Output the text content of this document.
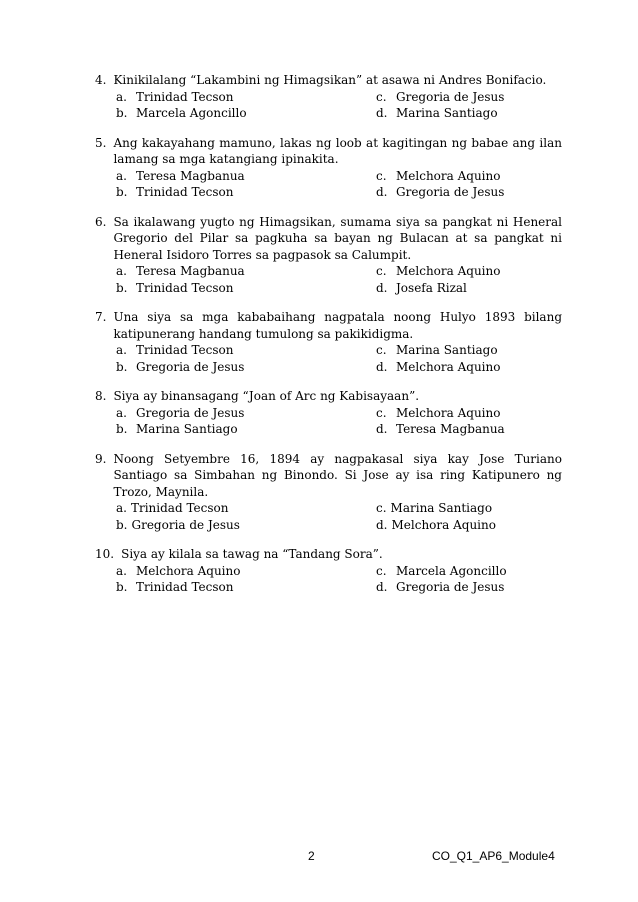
4. Kinikilalang “Lakambini ng Himagsikan” at asawa ni Andres Bonifacio.
a. Trinidad Tecson	c. Gregoria de Jesus
b. Marcela Agoncillo	d. Marina Santiago
5. Ang kakayahang mamuno, lakas ng loob at kagitingan ng babae ang ilan lamang sa mga katangiang ipinakita.
a. Teresa Magbanua	c. Melchora Aquino
b. Trinidad Tecson	d. Gregoria de Jesus
6. Sa ikalawang yugto ng Himagsikan, sumama siya sa pangkat ni Heneral Gregorio del Pilar sa pagkuha sa bayan ng Bulacan at sa pangkat ni Heneral Isidoro Torres sa pagpasok sa Calumpit.
a. Teresa Magbanua	c. Melchora Aquino
b. Trinidad Tecson	d. Josefa Rizal
7. Una siya sa mga kababaihang nagpatala noong Hulyo 1893 bilang katipunerang handang tumulong sa pakikidigma.
a. Trinidad Tecson	c. Marina Santiago
b. Gregoria de Jesus	d. Melchora Aquino
8. Siya ay binansagang “Joan of Arc ng Kabisayaan”.
a. Gregoria de Jesus	c. Melchora Aquino
b. Marina Santiago	d. Teresa Magbanua
9. Noong Setyembre 16, 1894 ay nagpakasal siya kay Jose Turiano Santiago sa Simbahan ng Binondo. Si Jose ay isa ring Katipunero ng Trozo, Maynila.
a. Trinidad Tecson	c. Marina Santiago
b. Gregoria de Jesus	d. Melchora Aquino
10. Siya ay kilala sa tawag na “Tandang Sora”.
a. Melchora Aquino	c. Marcela Agoncillo
b. Trinidad Tecson	d. Gregoria de Jesus
2	CO_Q1_AP6_Module4
